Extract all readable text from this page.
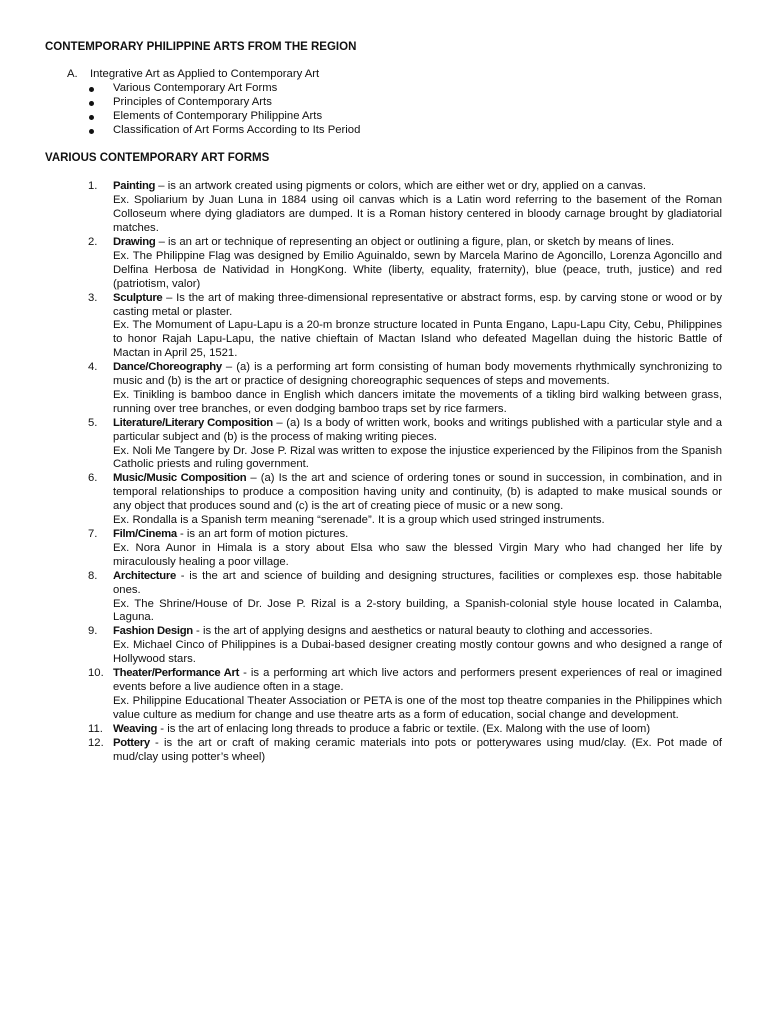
CONTEMPORARY PHILIPPINE ARTS FROM THE REGION
A. Integrative Art as Applied to Contemporary Art
Various Contemporary Art Forms
Principles of Contemporary Arts
Elements of Contemporary Philippine Arts
Classification of Art Forms According to Its Period
VARIOUS CONTEMPORARY ART FORMS
1.	Painting – is an artwork created using pigments or colors, which are either wet or dry, applied on a canvas.

Ex. Spoliarium by Juan Luna in 1884 using oil canvas which is a Latin word referring to the basement of the Roman Colloseum where dying gladiators are dumped. It is a Roman history centered in bloody carnage brought by gladiatorial matches.

2.	Drawing – is an art or technique of representing an object or outlining a figure, plan, or sketch by means of lines.

Ex. The Philippine Flag was designed by Emilio Aguinaldo, sewn by Marcela Marino de Agoncillo, Lorenza Agoncillo and Delfina Herbosa de Natividad in HongKong. White (liberty, equality, fraternity), blue (peace, truth, justice) and red (patriotism, valor)

3.	Sculpture – Is the art of making three-dimensional representative or abstract forms, esp. by carving stone or wood or by casting metal or plaster.

Ex. The Momument of Lapu-Lapu is a 20-m bronze structure located in Punta Engano, Lapu-Lapu City, Cebu, Philippines to honor Rajah Lapu-Lapu, the native chieftain of Mactan Island who defeated Magellan duing the historic Battle of Mactan in April 25, 1521.

4.	Dance/Choreography – (a) is a performing art form consisting of human body movements rhythmically synchronizing to music and (b) is the art or practice of designing choreographic sequences of steps and movements.

Ex. Tinikling is bamboo dance in English which dancers imitate the movements of a tikling bird walking between grass, running over tree branches, or even dodging bamboo traps set by rice farmers.

5.	Literature/Literary Composition – (a) Is a body of written work, books and writings published with a particular style and a particular subject and (b) is the process of making writing pieces.

Ex. Noli Me Tangere by Dr. Jose P. Rizal was written to expose the injustice experienced by the Filipinos from the Spanish Catholic priests and ruling government.

6.	Music/Music Composition – (a) Is the art and science of ordering tones or sound in succession, in combination, and in temporal relationships to produce a composition having unity and continuity, (b) is adapted to make musical sounds or any object that produces sound and (c) is the art of creating piece of music or a new song.

Ex. Rondalla is a Spanish term meaning “serenade”. It is a group which used stringed instruments.

7.	Film/Cinema - is an art form of motion pictures.

Ex. Nora Aunor in Himala is a story about Elsa who saw the blessed Virgin Mary who had changed her life by miraculously healing a poor village.

8.	Architecture - is the art and science of building and designing structures, facilities or complexes esp. those habitable ones.

Ex. The Shrine/House of Dr. Jose P. Rizal is a 2-story building, a Spanish-colonial style house located in Calamba, Laguna.

9.	Fashion Design - is the art of applying designs and aesthetics or natural beauty to clothing and accessories.

Ex. Michael Cinco of Philippines is a Dubai-based designer creating mostly contour gowns and who designed a range of Hollywood stars.

10. Theater/Performance Art - is a performing art which live actors and performers present experiences of real or imagined events before a live audience often in a stage.

Ex. Philippine Educational Theater Association or PETA is one of the most top theatre companies in the Philippines which value culture as medium for change and use theatre arts as a form of education, social change and development.

11. Weaving - is the art of enlacing long threads to produce a fabric or textile. (Ex. Malong with the use of loom)

12. Pottery - is the art or craft of making ceramic materials into pots or potterywares using mud/clay. (Ex. Pot made of mud/clay using potter’s wheel)
